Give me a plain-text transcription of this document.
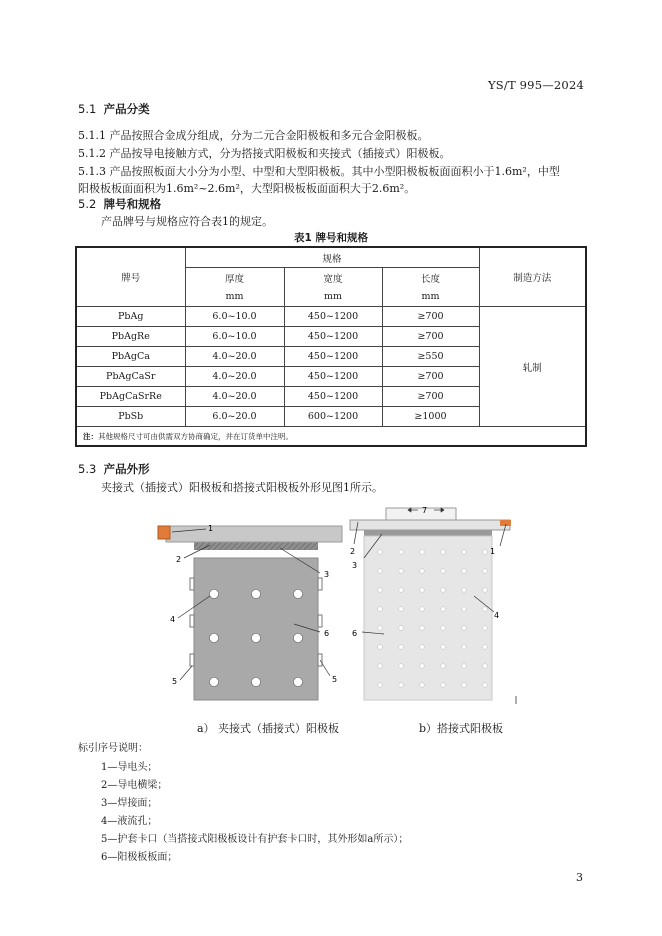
YS/T 995—2024
5.1 产品分类
5.1.1 产品按照合金成分组成，分为二元合金阳极板和多元合金阳极板。
5.1.2 产品按导电接触方式，分为搭接式阳极板和夹接式（插接式）阳极板。
5.1.3 产品按照板面大小分为小型、中型和大型阳极板。其中小型阳极板板面面积小于1.6m²，中型
阳极板板面面积为1.6m²~2.6m²，大型阳极板板面面积大于2.6m²。
5.2 牌号和规格
产品牌号与规格应符合表1的规定。
表1 牌号和规格
牌号	规格			制造方法
	厚度	宽度	长度	
	mm	mm	mm	
PbAg	6.0~10.0	450~1200	≥700	轧制
PbAgRe	6.0~10.0	450~1200	≥700	
PbAgCa	4.0~20.0	450~1200	≥550	
PbAgCaSr	4.0~20.0	450~1200	≥700	
PbAgCaSrRe	4.0~20.0	450~1200	≥700	
PbSb	6.0~20.0	600~1200	≥1000	
注：其他规格尺寸可由供需双方协商确定，并在订货单中注明。				
5.3 产品外形
夹接式（插接式）阳极板和搭接式阳极板外形见图1所示。
1
2
3
4
5	5
6
7
2	1
3
4
6
a） 夹接式（插接式）阳极板	b）搭接式阳极板
标引序号说明：
1—导电头；
2—导电横梁；
3—焊接面；
4—液流孔；
5—护套卡口（当搭接式阳极板设计有护套卡口时，其外形如a所示）；
6—阳极板板面；
3
